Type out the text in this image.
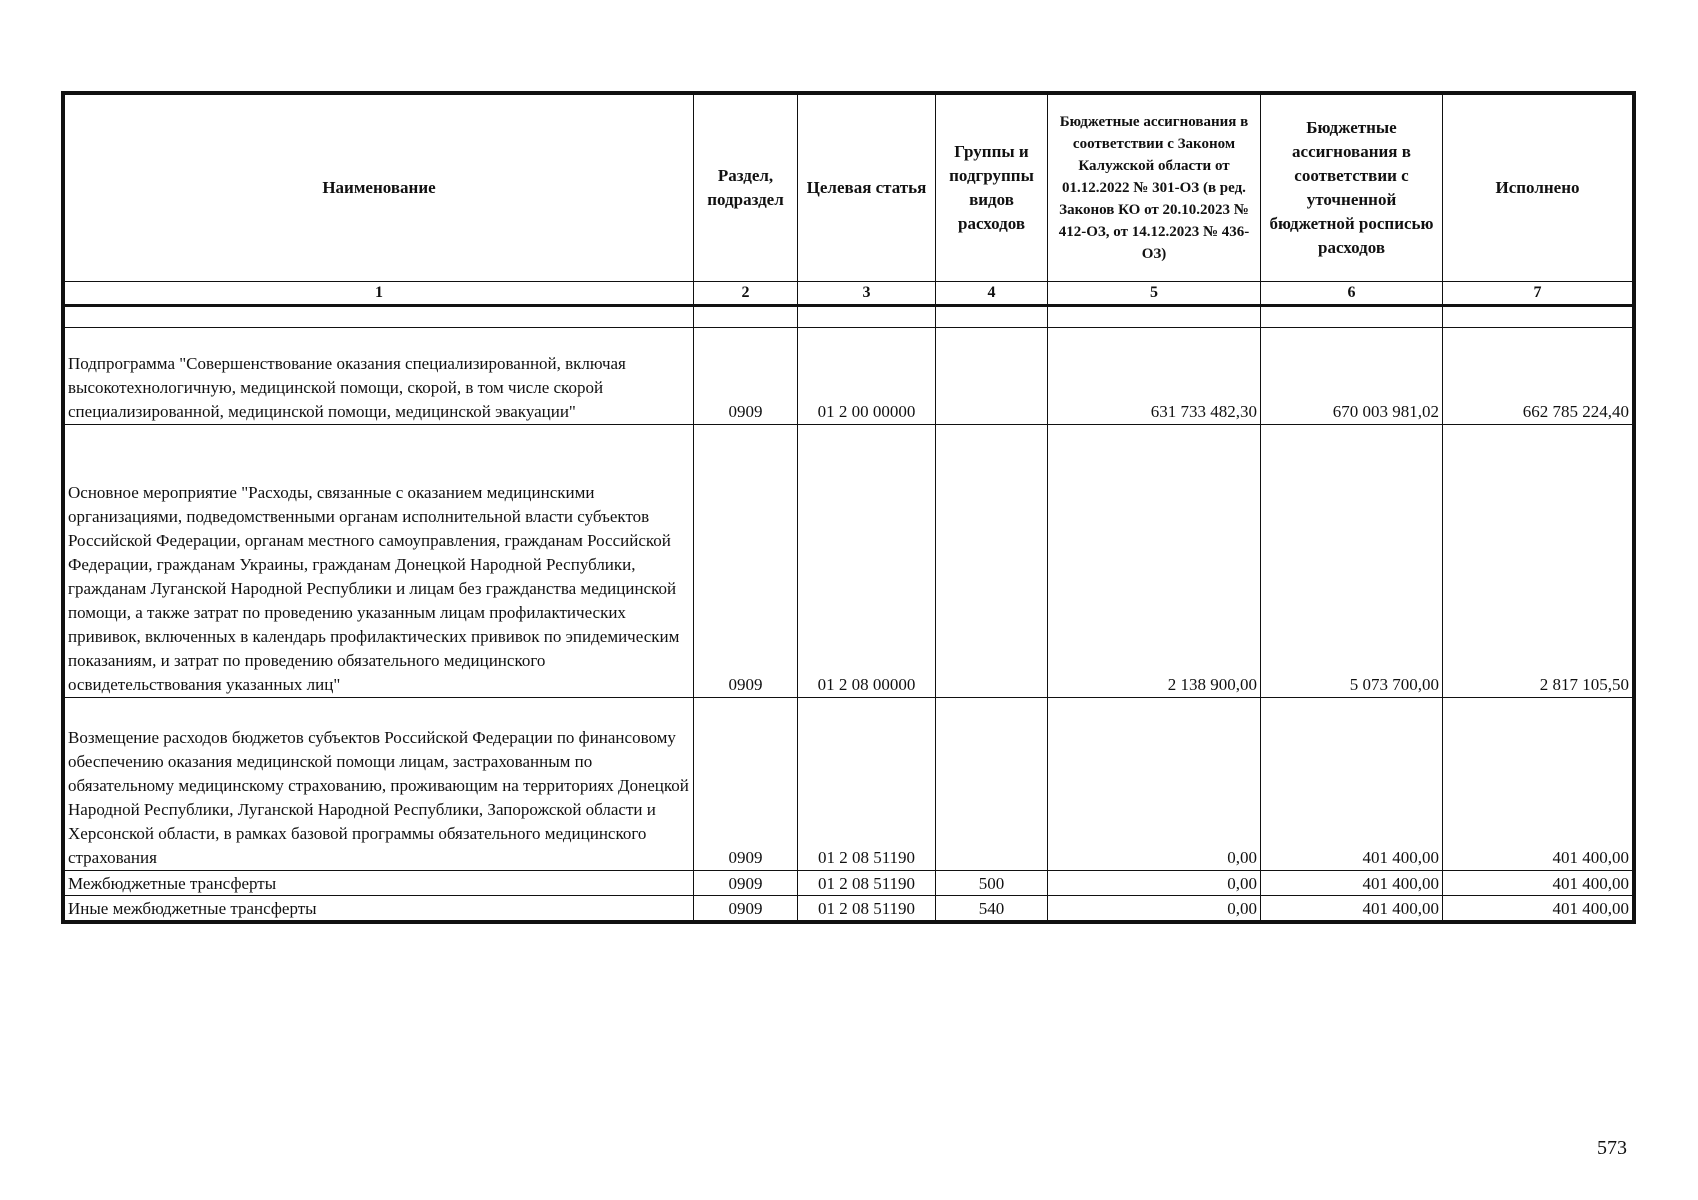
Наименование	Раздел, подраздел	Целевая статья	Группы и подгруппы видов расходов	Бюджетные ассигнования в соответствии с Законом Калужской области от 01.12.2022 № 301-ОЗ (в ред. Законов КО от 20.10.2023 № 412-ОЗ, от 14.12.2023 № 436-ОЗ)	Бюджетные ассигнования в соответствии с уточненной бюджетной росписью расходов	Исполнено
1	2	3	4	5	6	7

Подпрограмма "Совершенствование оказания специализированной, включая высокотехнологичную, медицинской помощи, скорой, в том числе скорой специализированной, медицинской помощи, медицинской эвакуации"	0909	01 2 00 00000		631 733 482,30	670 003 981,02	662 785 224,40
Основное мероприятие "Расходы, связанные с оказанием медицинскими организациями, подведомственными органам исполнительной власти субъектов Российской Федерации, органам местного самоуправления, гражданам Российской Федерации, гражданам Украины, гражданам Донецкой Народной Республики, гражданам Луганской Народной Республики и лицам без гражданства медицинской помощи, а также затрат по проведению указанным лицам профилактических прививок, включенных в календарь профилактических прививок по эпидемическим показаниям, и затрат по проведению обязательного медицинского освидетельствования указанных лиц"	0909	01 2 08 00000		2 138 900,00	5 073 700,00	2 817 105,50
Возмещение расходов бюджетов субъектов Российской Федерации по финансовому обеспечению оказания медицинской помощи лицам, застрахованным по обязательному медицинскому страхованию, проживающим на территориях Донецкой Народной Республики, Луганской Народной Республики, Запорожской области и Херсонской области, в рамках базовой программы обязательного медицинского страхования	0909	01 2 08 51190		0,00	401 400,00	401 400,00
Межбюджетные трансферты	0909	01 2 08 51190	500	0,00	401 400,00	401 400,00
Иные межбюджетные трансферты	0909	01 2 08 51190	540	0,00	401 400,00	401 400,00
573
